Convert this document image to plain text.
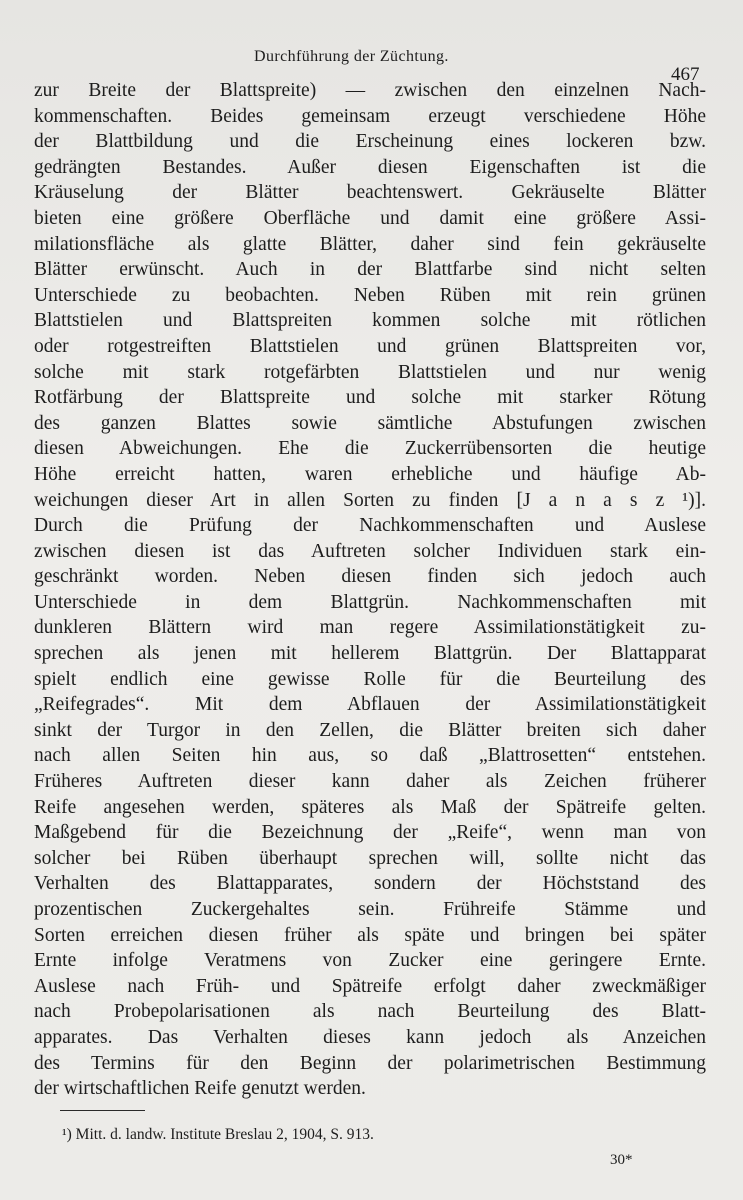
Durchführung der Züchtung.
467
zur Breite der Blattspreite) — zwischen den einzelnen Nach-
kommenschaften. Beides gemeinsam erzeugt verschiedene Höhe
der Blattbildung und die Erscheinung eines lockeren bzw.
gedrängten Bestandes. Außer diesen Eigenschaften ist die
Kräuselung der Blätter beachtenswert. Gekräuselte Blätter
bieten eine größere Oberfläche und damit eine größere Assi-
milationsfläche als glatte Blätter, daher sind fein gekräuselte
Blätter erwünscht. Auch in der Blattfarbe sind nicht selten
Unterschiede zu beobachten. Neben Rüben mit rein grünen
Blattstielen und Blattspreiten kommen solche mit rötlichen
oder rotgestreiften Blattstielen und grünen Blattspreiten vor,
solche mit stark rotgefärbten Blattstielen und nur wenig
Rotfärbung der Blattspreite und solche mit starker Rötung
des ganzen Blattes sowie sämtliche Abstufungen zwischen
diesen Abweichungen. Ehe die Zuckerrübensorten die heutige
Höhe erreicht hatten, waren erhebliche und häufige Ab-
weichungen dieser Art in allen Sorten zu finden [J a n a s z ¹)].
Durch die Prüfung der Nachkommenschaften und Auslese
zwischen diesen ist das Auftreten solcher Individuen stark ein-
geschränkt worden. Neben diesen finden sich jedoch auch
Unterschiede in dem Blattgrün. Nachkommenschaften mit
dunkleren Blättern wird man regere Assimilationstätigkeit zu-
sprechen als jenen mit hellerem Blattgrün. Der Blattapparat
spielt endlich eine gewisse Rolle für die Beurteilung des
„Reifegrades“. Mit dem Abflauen der Assimilationstätigkeit
sinkt der Turgor in den Zellen, die Blätter breiten sich daher
nach allen Seiten hin aus, so daß „Blattrosetten“ entstehen.
Früheres Auftreten dieser kann daher als Zeichen früherer
Reife angesehen werden, späteres als Maß der Spätreife gelten.
Maßgebend für die Bezeichnung der „Reife“, wenn man von
solcher bei Rüben überhaupt sprechen will, sollte nicht das
Verhalten des Blattapparates, sondern der Höchststand des
prozentischen Zuckergehaltes sein. Frühreife Stämme und
Sorten erreichen diesen früher als späte und bringen bei später
Ernte infolge Veratmens von Zucker eine geringere Ernte.
Auslese nach Früh- und Spätreife erfolgt daher zweckmäßiger
nach Probepolarisationen als nach Beurteilung des Blatt-
apparates. Das Verhalten dieses kann jedoch als Anzeichen
des Termins für den Beginn der polarimetrischen Bestimmung
der wirtschaftlichen Reife genutzt werden.
¹) Mitt. d. landw. Institute Breslau 2, 1904, S. 913.
30*
